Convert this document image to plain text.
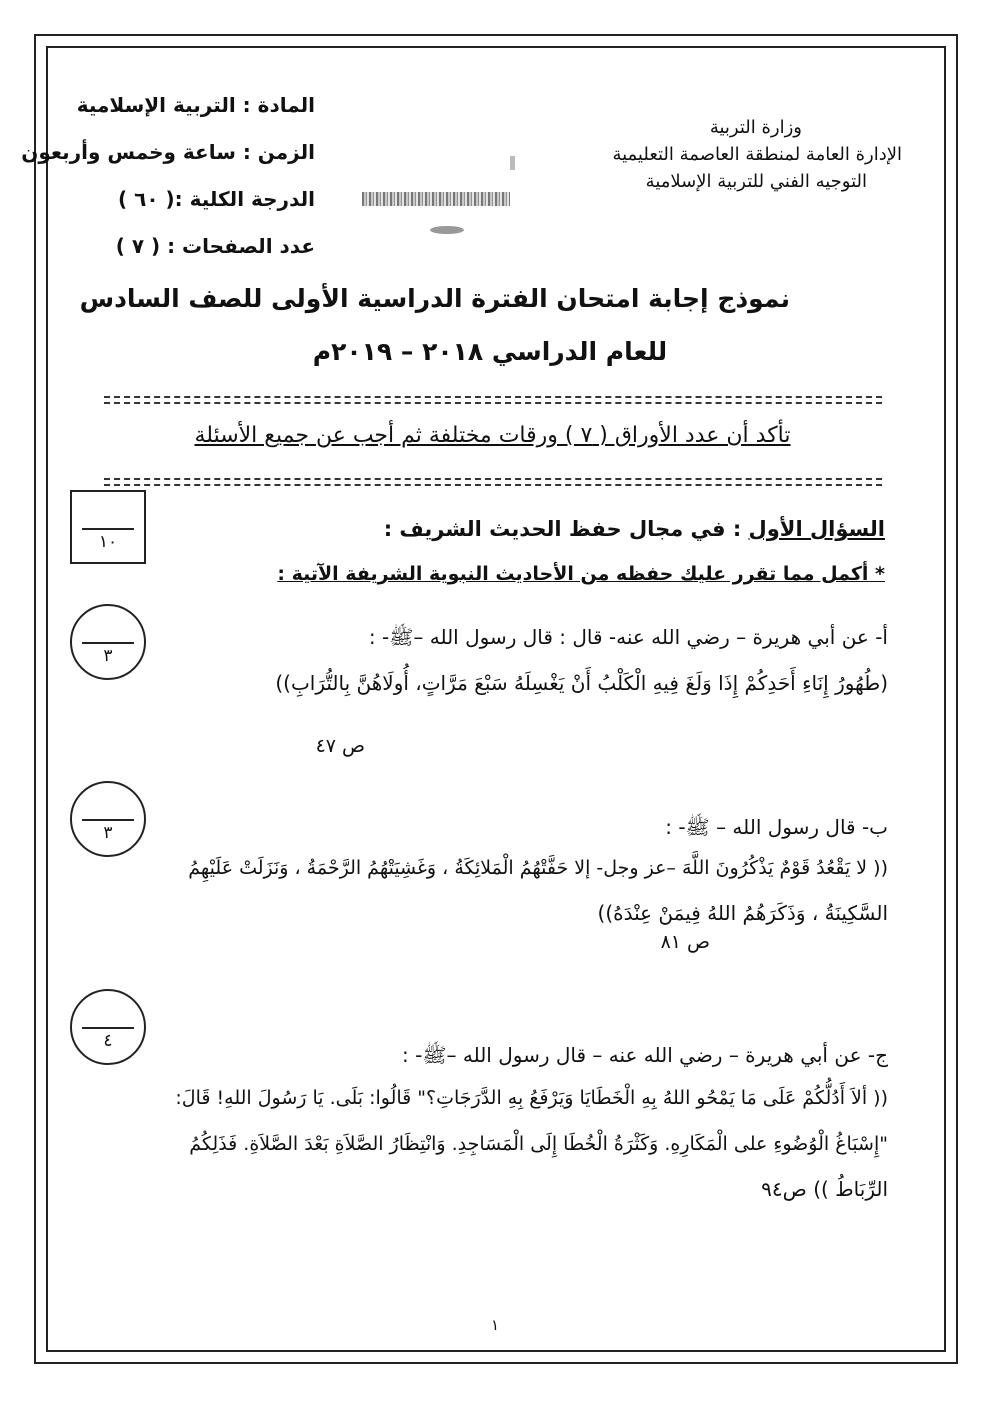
المادة : التربية الإسلامية
الزمن : ساعة وخمس وأربعون
الدرجة الكلية :( ٦٠ )
عدد الصفحات : ( ٧ )
وزارة التربية
الإدارة العامة لمنطقة العاصمة التعليمية
التوجيه الفني للتربية الإسلامية
نموذج إجابة امتحان الفترة الدراسية الأولى للصف السادس
للعام الدراسي ٢٠١٨ – ٢٠١٩م
تأكد أن عدد الأوراق ( ٧ ) ورقات مختلفة ثم أجب عن جميع الأسئلة
١٠
السؤال الأول : في مجال حفظ الحديث الشريف :
* أكمل مما تقرر عليك حفظه من الأحاديث النبوية الشريفة الآتية :
٣
أ- عن أبي هريرة – رضي الله عنه- قال : قال رسول الله –ﷺ- :
(طُهُورُ إِنَاءِ أَحَدِكُمْ إِذَا وَلَغَ فِيهِ الْكَلْبُ أَنْ يَغْسِلَهُ سَبْعَ مَرَّاتٍ، أُولَاهُنَّ بِالتُّرَابِ))
ص ٤٧
٣	ب- قال رسول الله – ﷺ- :
(( لا يَقْعُدُ قَوْمٌ يَذْكُرُونَ اللَّهَ –عز وجل- إلا حَفَّتْهُمُ الْمَلائِكَةُ ، وَغَشِيَتْهُمُ الرَّحْمَةُ ، وَنَزَلَتْ عَلَيْهِمُ
السَّكِينَةُ ، وَذَكَرَهُمُ اللهُ فِيمَنْ عِنْدَهُ))
ص ٨١
٤
ج- عن أبي هريرة – رضي الله عنه – قال رسول الله –ﷺ- :
(( ألاَ أَدُلُّكُمْ عَلَى مَا يَمْحُو اللهُ بِهِ الْخَطَايَا وَيَرْفَعُ بِهِ الدَّرَجَاتِ؟" قَالُوا: بَلَى. يَا رَسُولَ اللهِ! قَالَ:
"إِسْبَاغُ الْوُضُوءِ على الْمَكَارِهِ. وَكَثْرَةُ الْخُطَا إِلَى الْمَسَاجِدِ. وَانْتِظَارُ الصَّلاَةِ بَعْدَ الصَّلاَةِ. فَذَلِكُمُ
الرِّبَاطُ )) ص٩٤
١
